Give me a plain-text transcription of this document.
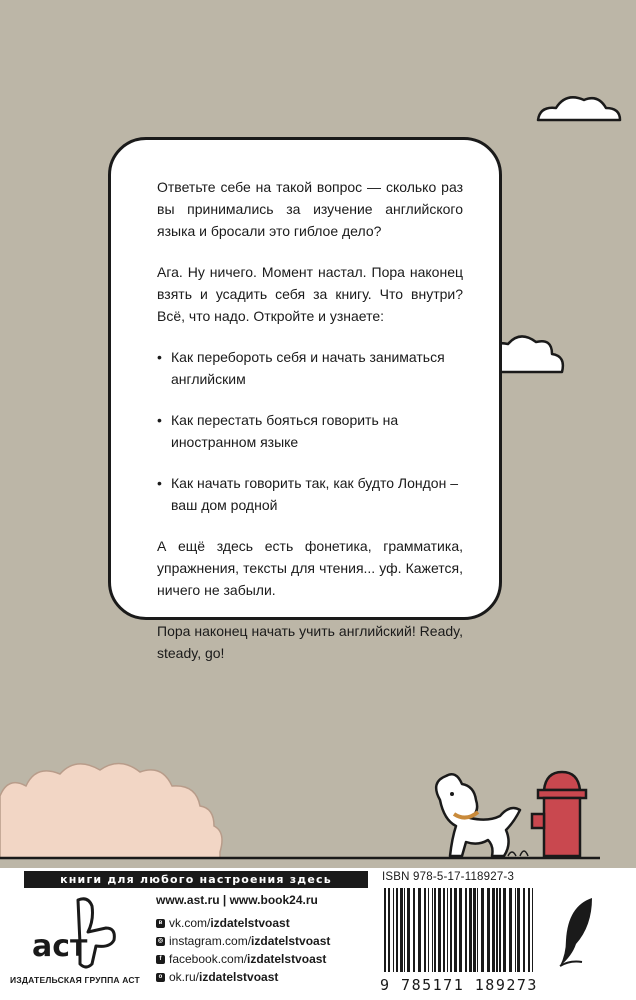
Ответьте себе на такой вопрос — сколько раз вы принимались за изучение английского языка и бросали это гиблое дело?

Ага. Ну ничего. Момент настал. Пора наконец взять и усадить себя за книгу. Что внутри? Всё, что надо. Откройте и узнаете:

• Как перебороть себя и начать заниматься английским
• Как перестать бояться говорить на иностранном языке
• Как начать говорить так, как будто Лондон – ваш дом родной

А ещё здесь есть фонетика, грамматика, упражнения, тексты для чтения... уф. Кажется, ничего не забыли.

Пора наконец начать учить английский! Ready, steady, go!

книги для любого настроения здесь
аст
ИЗДАТЕЛЬСКАЯ ГРУППА АСТ
www.ast.ru | www.book24.ru
в vk.com/ izdatelstvoast
◎ instagram.com/ izdatelstvoast
f facebook.com/ izdatelstvoast
о ok.ru/ izdatelstvoast
ISBN 978-5-17-118927-3
9 785171 189273
